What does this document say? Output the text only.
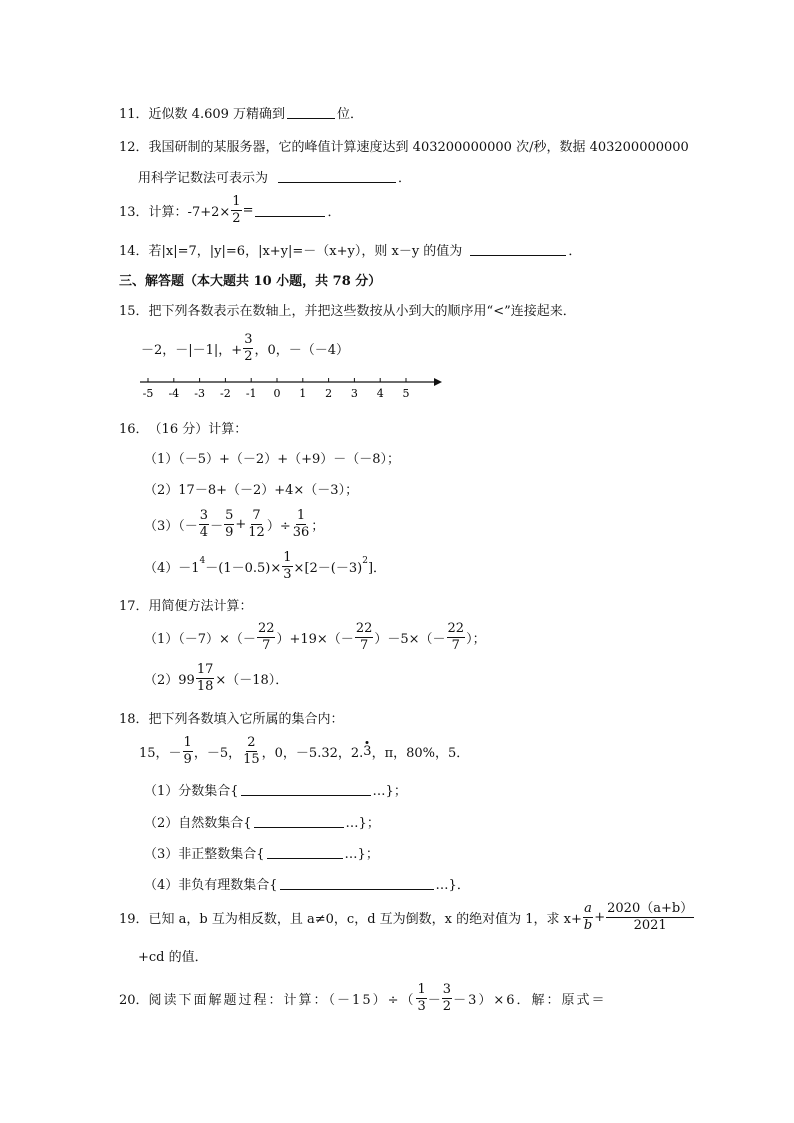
11． 近似数 4.609 万精确到	位．
12． 我国研制的某服务器，它的峰值计算速度达到 403200000000 次/秒，数据 403200000000
用科学记数法可表示为	．
13． 计算：$-7+2\times \frac{1}{2}$ =	．
14． 若|x|=7，|y|=6，|x+y|=－（x+y），则 x－y 的值为	．
三、解答题（本大题共 10 小题，共 78 分）
15． 把下列各数表示在数轴上，并把这些数按从小到大的顺序用“<”连接起来．
－2，－|－1|，+ $\frac{3}{2}$ ，0，－（－4）
-5 -4 -3 -2 -1 0 1 2 3 4 5
16． （16 分）计算：
（1）（－5）+（－2）+（+9）－（－8）；
（2）17－8+（－2）+4×（－3）；
$(3)(- \frac{3}{4} - \frac{5}{9} + \frac{7}{12}$ ）÷ $\frac{1}{36}$ ；
$(4)-1^4 -(1-0.5)\times \frac{1}{3} \times[2-(-3)^2$ ]．
17． 用简便方法计算：
$(1)(-7)\times(- \frac{22}{7} )+19\times(- \frac{22}{7} )-5\times(- \frac{22}{7}$ ）；
$(2)99 \frac{17}{18} \times(-18)$．
18． 把下列各数填入它所属的集合内：
15，－ $\frac{1}{9}$ ，－5， $\frac{2}{15}$ ，0，－5.32，2. 3 ，π，80%，5．
（1）分数集合{	…}；
（2）自然数集合{	…}；
（3）非正整数集合{	…}；
（4）非负有理数集合{	…}．
19． 已知 a，b 互为相反数，且 a≠0，c，d 互为倒数，x 的绝对值为 1，求 $x+ \frac{a}{b} + \frac{2020(a+b)}{2021}$
+cd 的值．
20． 阅读下面解题过程：计算：$(-15)\div( \frac{1}{3} - \frac{3}{2} -3)\times 6$．解：原式＝
